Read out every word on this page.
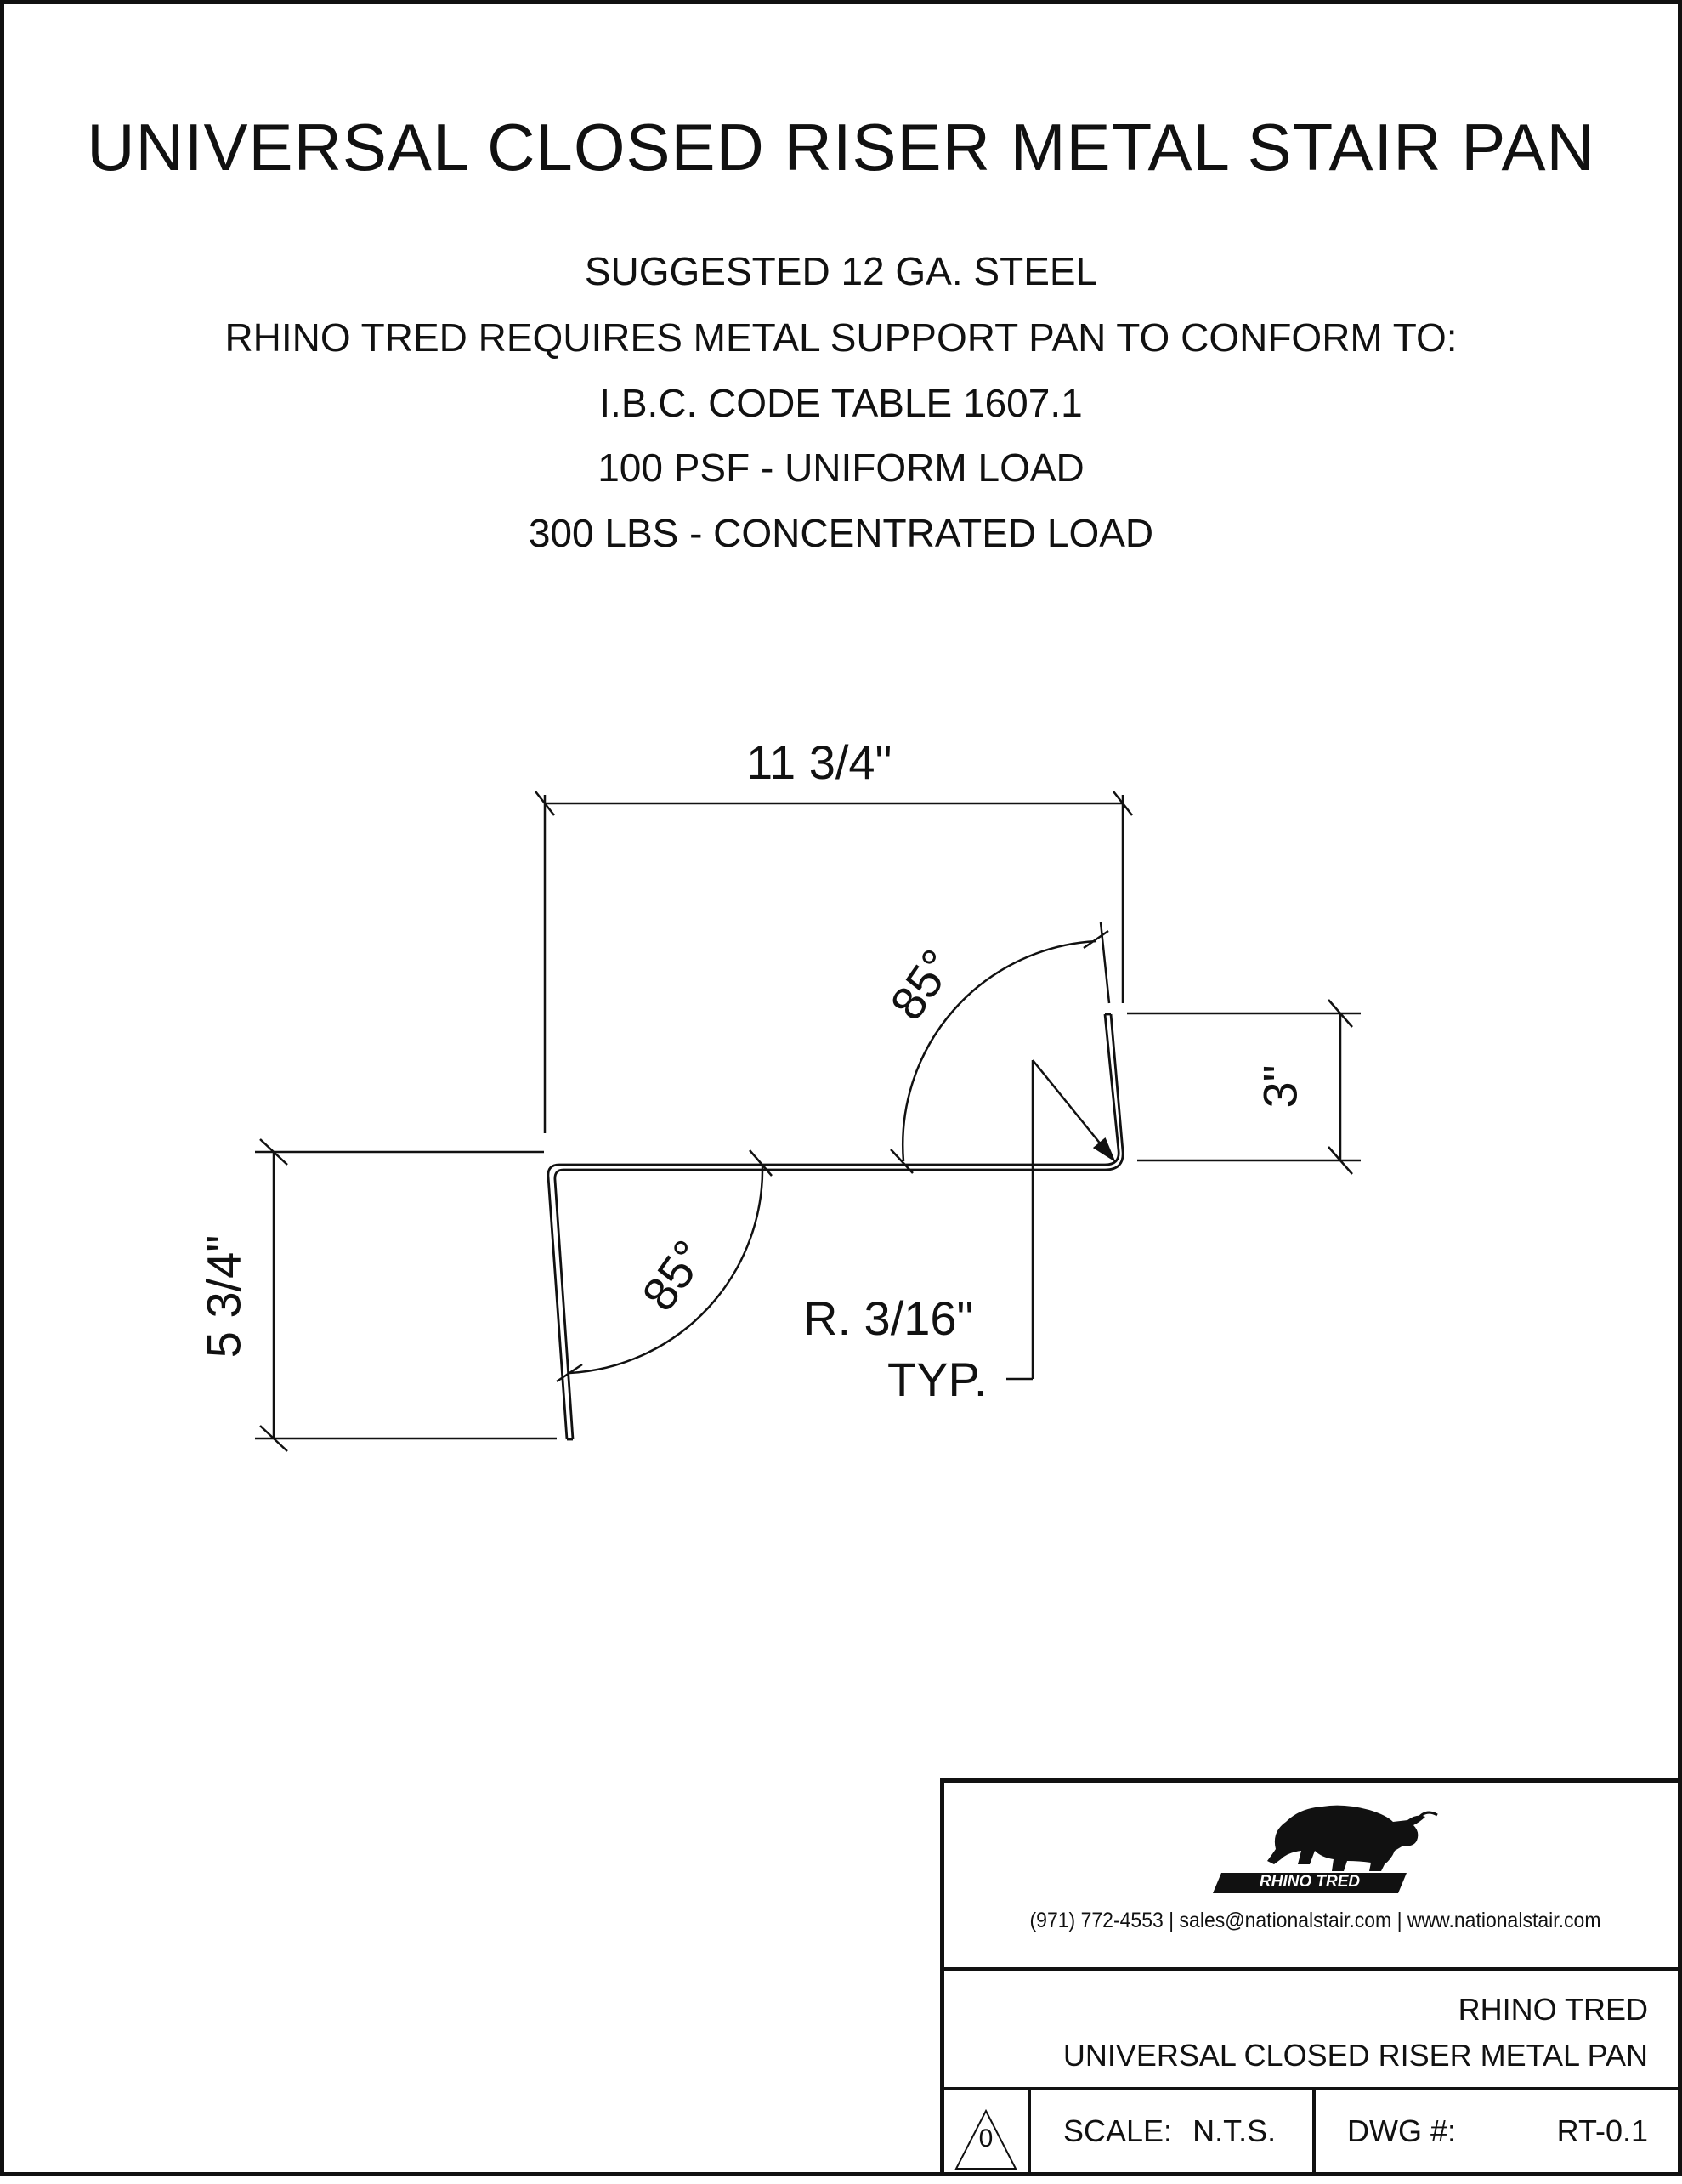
UNIVERSAL CLOSED RISER METAL STAIR PAN
SUGGESTED 12 GA. STEEL
RHINO TRED REQUIRES METAL SUPPORT PAN TO CONFORM TO:
I.B.C. CODE TABLE 1607.1
100 PSF - UNIFORM LOAD
300 LBS - CONCENTRATED LOAD
11 3/4"
3"
5 3/4"
85°
85° R. 3/16"
TYP.
RHINO TRED
(971) 772-4553 | sales@nationalstair.com | www.nationalstair.com
RHINO TRED
UNIVERSAL CLOSED RISER METAL PAN
0	SCALE: N.T.S. DWG #:	RT-0.1
